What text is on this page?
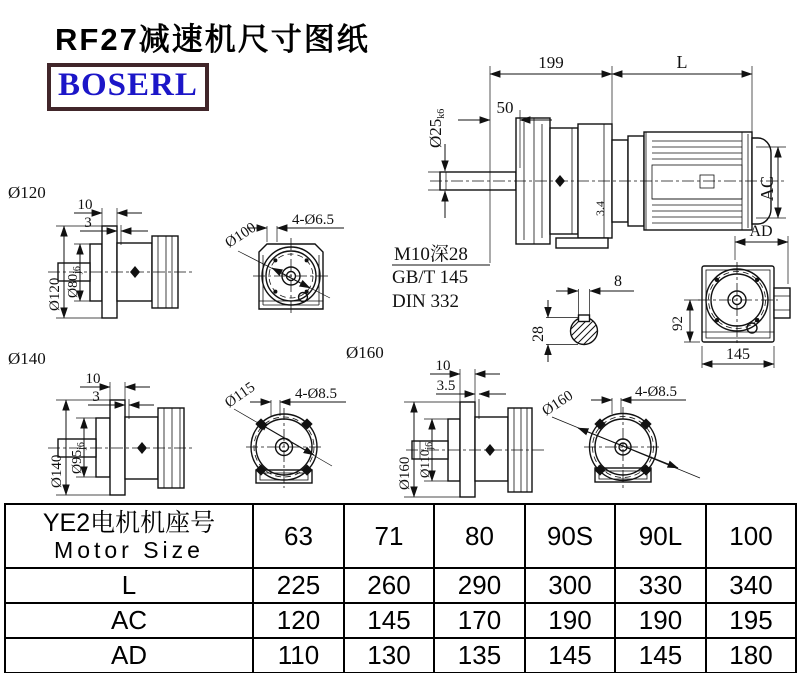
RF27减速机尺寸图纸
BOSERL
199	L
50
Ø25k6
AC
AD
3.4
M10深28
GB/T 145
DIN 332
8
28
92
145
Ø120
10
3
Ø120 $Ø80_{j6}$
4-Ø6.5
Ø100
Ø140
10
3
Ø140 $Ø95_{j6}$
4-Ø8.5
Ø115
Ø160
10
3.5
Ø160 $Ø110_{j6}$
4-Ø8.5
Ø160
YE2电机机座号
Motor Size	63	71	80	90S	90L	100
L	225	260	290	300	330	340
AC	120	145	170	190	190	195
AD	110	130	135	145	145	180
